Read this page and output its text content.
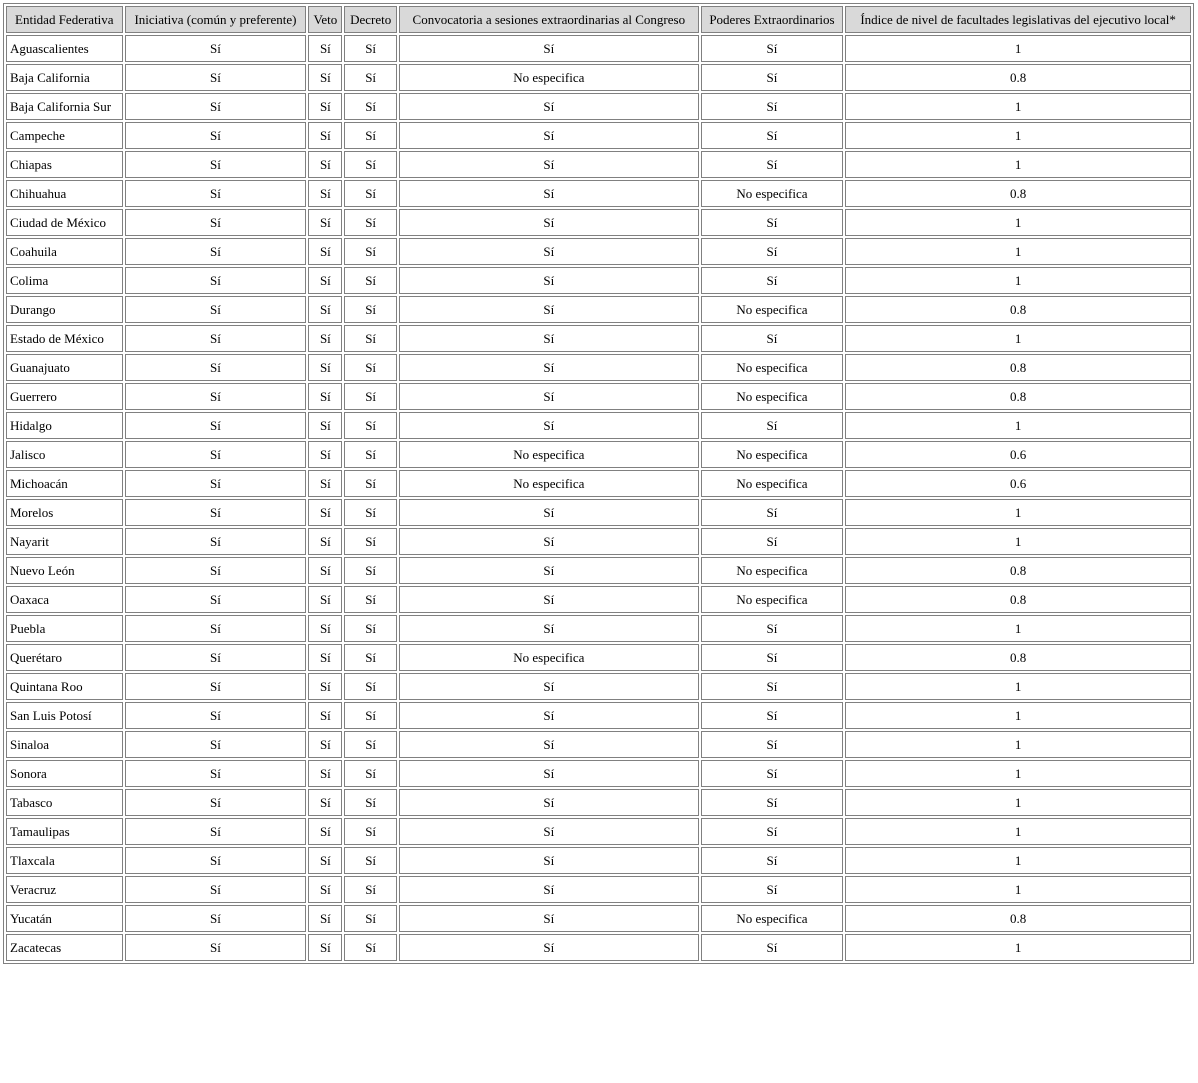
Entidad Federativa	Iniciativa (común y preferente)	Veto	Decreto	Convocatoria a sesiones extraordinarias al Congreso	Poderes Extraordinarios	Índice de nivel de facultades legislativas del ejecutivo local*
Aguascalientes	Sí	Sí	Sí	Sí	Sí	1
Baja California	Sí	Sí	Sí	No especifica	Sí	0.8
Baja California Sur	Sí	Sí	Sí	Sí	Sí	1
Campeche	Sí	Sí	Sí	Sí	Sí	1
Chiapas	Sí	Sí	Sí	Sí	Sí	1
Chihuahua	Sí	Sí	Sí	Sí	No especifica	0.8
Ciudad de México	Sí	Sí	Sí	Sí	Sí	1
Coahuila	Sí	Sí	Sí	Sí	Sí	1
Colima	Sí	Sí	Sí	Sí	Sí	1
Durango	Sí	Sí	Sí	Sí	No especifica	0.8
Estado de México	Sí	Sí	Sí	Sí	Sí	1
Guanajuato	Sí	Sí	Sí	Sí	No especifica	0.8
Guerrero	Sí	Sí	Sí	Sí	No especifica	0.8
Hidalgo	Sí	Sí	Sí	Sí	Sí	1
Jalisco	Sí	Sí	Sí	No especifica	No especifica	0.6
Michoacán	Sí	Sí	Sí	No especifica	No especifica	0.6
Morelos	Sí	Sí	Sí	Sí	Sí	1
Nayarit	Sí	Sí	Sí	Sí	Sí	1
Nuevo León	Sí	Sí	Sí	Sí	No especifica	0.8
Oaxaca	Sí	Sí	Sí	Sí	No especifica	0.8
Puebla	Sí	Sí	Sí	Sí	Sí	1
Querétaro	Sí	Sí	Sí	No especifica	Sí	0.8
Quintana Roo	Sí	Sí	Sí	Sí	Sí	1
San Luis Potosí	Sí	Sí	Sí	Sí	Sí	1
Sinaloa	Sí	Sí	Sí	Sí	Sí	1
Sonora	Sí	Sí	Sí	Sí	Sí	1
Tabasco	Sí	Sí	Sí	Sí	Sí	1
Tamaulipas	Sí	Sí	Sí	Sí	Sí	1
Tlaxcala	Sí	Sí	Sí	Sí	Sí	1
Veracruz	Sí	Sí	Sí	Sí	Sí	1
Yucatán	Sí	Sí	Sí	Sí	No especifica	0.8
Zacatecas	Sí	Sí	Sí	Sí	Sí	1
